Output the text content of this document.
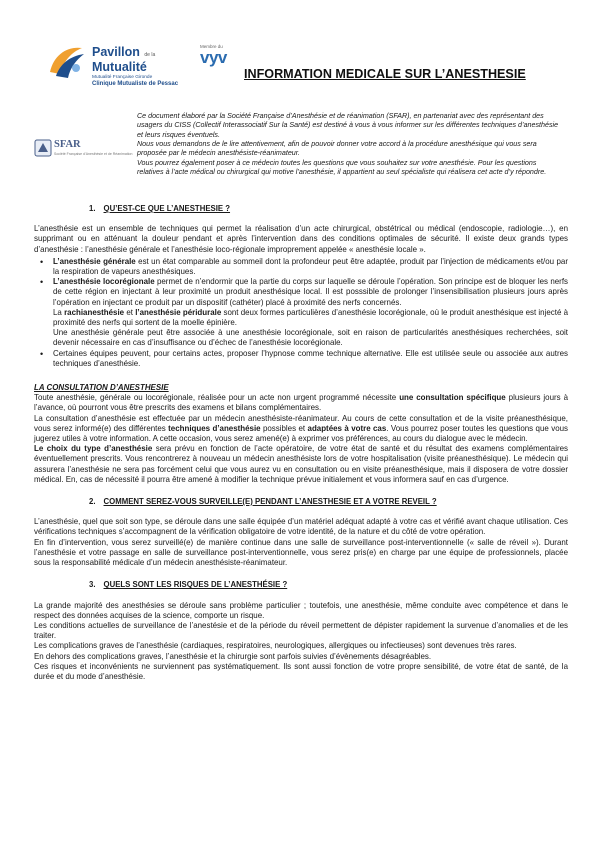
Pavillon de la
Mutualité
Mutualité Française Gironde
Clinique Mutualiste de Pessac
Membre du
vyv
INFORMATION MEDICALE SUR L’ANESTHESIE
SFAR
Société Française d’Anesthésie et de Réanimation

Ce document élaboré par la Société Française d’Anesthésie et de réanimation (SFAR), en partenariat avec des représentant des usagers du CISS (Collectif Interassociatif Sur la Santé) est destiné à vous à vous informer sur les différentes techniques d’anesthésie et leurs risques éventuels.

Nous vous demandons de le lire attentivement, afin de pouvoir donner votre accord à la procédure anesthésique qui vous sera proposée par le médecin anesthésiste-réanimateur.

Vous pourrez également poser à ce médecin toutes les questions que vous souhaitez sur votre anesthésie. Pour les questions relatives à l’acte médical ou chirurgical qui motive l’anesthésie, il appartient au seul spécialiste qui réalisera cet acte d’y répondre.

1. QU’EST-CE QUE L’ANESTHESIE ?

L’anesthésie est un ensemble de techniques qui permet la réalisation d’un acte chirurgical, obstétrical ou médical (endoscopie, radiologie…), en supprimant ou en atténuant la douleur pendant et après l’intervention dans des conditions optimales de sécurité. Il existe deux grands types d’anesthésie : l’anesthésie générale et l’anesthésie loco-régionale improprement appelée « anesthésie locale ».

• L’anesthésie générale est un état comparable au sommeil dont la profondeur peut être adaptée, produit par l’injection de médicaments et/ou par la respiration de vapeurs anesthésiques.
• L’anesthésie locorégionale permet de n’endormir que la partie du corps sur laquelle se déroule l’opération. Son principe est de bloquer les nerfs de cette région en injectant à leur proximité un produit anesthésique local. Il est posssible de prolonger l’insensibilisation plusieurs jours après l’opération en injectant ce produit par un dispositif (cathéter) placé à proximité des nerfs concernés.
La rachianesthésie et l’anesthésie péridurale sont deux formes particulières d’anesthésie locorégionale, où le produit anesthésique est injecté à proximité des nerfs qui sortent de la moelle épinière.
Une anesthésie générale peut être associée à une anesthésie locorégionale, soit en raison de particularités anesthésiques recherchées, soit devenir nécessaire en cas d’insuffisance ou d’échec de l’anesthésie locorégionale.
• Certaines équipes peuvent, pour certains actes, proposer l’hypnose comme technique alternative. Elle est utilisée seule ou associée aux autres techniques d’anesthésie.
LA CONSULTATION D’ANESTHESIE

Toute anesthésie, générale ou locorégionale, réalisée pour un acte non urgent programmé nécessite une consultation spécifique plusieurs jours à l’avance, où pourront vous être prescrits des examens et bilans complémentaires.

La consultation d’anesthésie est effectuée par un médecin anesthésiste-réanimateur. Au cours de cette consultation et de la visite préanesthésique, vous serez informé(e) des différentes techniques d’anesthésie possibles et adaptées à votre cas. Vous pourrez poser toutes les questions que vous jugerez utiles à votre information. A cette occasion, vous serez amené(e) à exprimer vos préférences, au cours du dialogue avec le médecin.

Le choix du type d’anesthésie sera prévu en fonction de l’acte opératoire, de votre état de santé et du résultat des examens complémentaires éventuellement prescrits. Vous rencontrerez à nouveau un médecin anesthésiste lors de votre hospitalisation (visite préanesthésique). Le médecin qui assurera l’anesthésie ne sera pas forcément celui que vous aurez vu en consultation ou en visite préanesthésique, mais il disposera de votre dossier médical. En, cas de nécessité il pourra être amené à modifier la technique prévue initialement et vous informera sauf en cas d’urgence.

2. COMMENT SEREZ-VOUS SURVEILLE(E) PENDANT L’ANESTHESIE ET A VOTRE REVEIL ?

L’anesthésie, quel que soit son type, se déroule dans une salle équipée d’un matériel adéquat adapté à votre cas et vérifié avant chaque utilisation. Ces vérifications techniques s’accompagnent de la vérification obligatoire de votre identité, de la nature et du côté de votre opération.

En fin d’intervention, vous serez surveillé(e) de manière continue dans une salle de surveillance post-interventionnelle (« salle de réveil »). Durant l’anesthésie et votre passage en salle de surveillance post-interventionnelle, vous serez pris(e) en charge par une équipe de professionnels, placée sous la responsabilité médicale d’un médecin anesthésiste-réanimateur.

3. QUELS SONT LES RISQUES DE L’ANESTHÉSIE ?

La grande majorité des anesthésies se déroule sans problème particulier ; toutefois, une anesthésie, même conduite avec compétence et dans le respect des données acquises de la science, comporte un risque.

Les conditions actuelles de surveillance de l’anestésie et de la période du réveil permettent de dépister rapidement la survenue d’anomalies et de les traiter.

Les complications graves de l’anesthésie (cardiaques, respiratoires, neurologiques, allergiques ou infectieuses) sont devenues très rares.

En dehors des complications graves, l’anesthésie et la chirurgie sont parfois suivies d’évènements désagréables.

Ces risques et inconvénients ne surviennent pas systématiquement. Ils sont aussi fonction de votre propre sensibilité, de votre état de santé, de la durée et du mode d’anesthésie.
